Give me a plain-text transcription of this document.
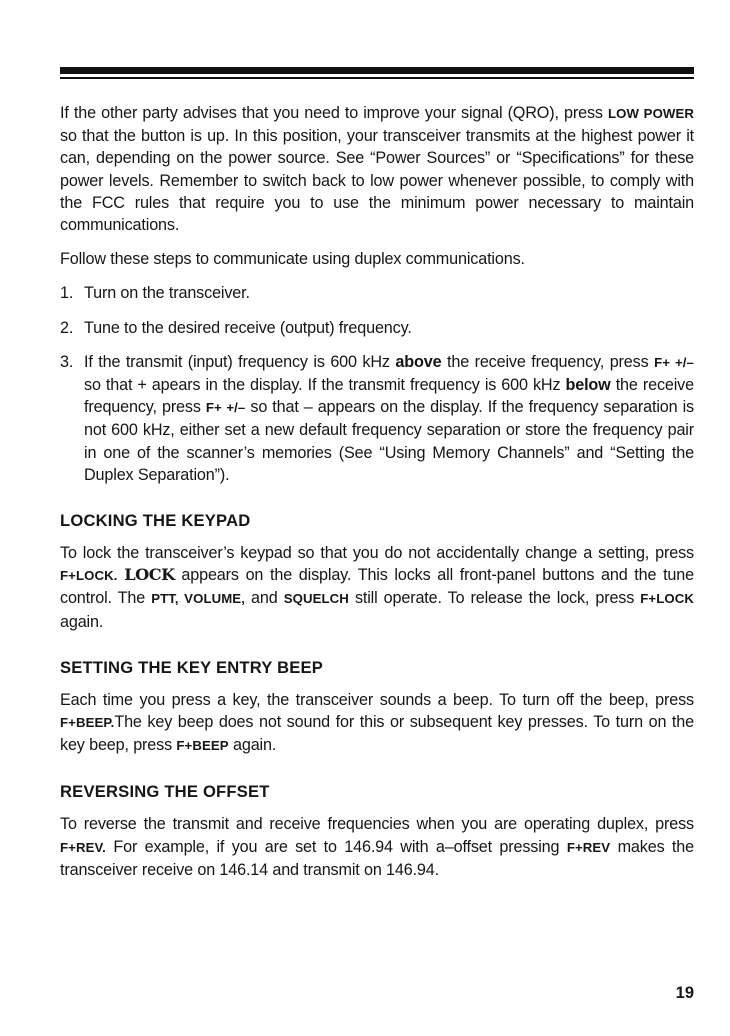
If the other party advises that you need to improve your signal (QRO), press LOW POWER so that the button is up. In this position, your transceiver transmits at the highest power it can, depending on the power source. See “Power Sources” or “Specifications” for these power levels. Remember to switch back to low power whenever possible, to comply with the FCC rules that require you to use the minimum power necessary to maintain communications.

Follow these steps to communicate using duplex communications.

1. Turn on the transceiver.
2. Tune to the desired receive (output) frequency.
3. If the transmit (input) frequency is 600 kHz above the receive frequency, press F+ +/– so that + apears in the display. If the transmit frequency is 600 kHz below the receive frequency, press F+ +/– so that – appears on the display. If the frequency separation is not 600 kHz, either set a new default frequency separation or store the frequency pair in one of the scanner’s memories (See “Using Memory Channels” and “Setting the Duplex Separation”).
LOCKING THE KEYPAD

To lock the transceiver’s keypad so that you do not accidentally change a setting, press F+LOCK. LOCK appears on the display. This locks all front-panel buttons and the tune control. The PTT, VOLUME, and SQUELCH still operate. To release the lock, press F+LOCK again.

SETTING THE KEY ENTRY BEEP

Each time you press a key, the transceiver sounds a beep. To turn off the beep, press F+BEEP.The key beep does not sound for this or subsequent key presses. To turn on the key beep, press F+BEEP again.

REVERSING THE OFFSET

To reverse the transmit and receive frequencies when you are operating duplex, press F+REV. For example, if you are set to 146.94 with a–offset pressing F+REV makes the transceiver receive on 146.14 and transmit on 146.94.

19
